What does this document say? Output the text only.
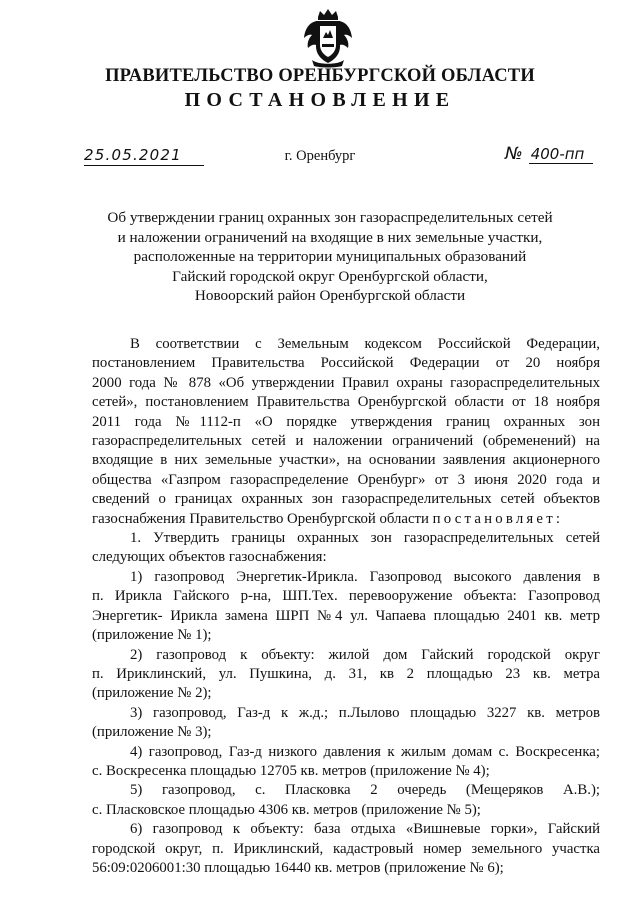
ПРАВИТЕЛЬСТВО ОРЕНБУРГСКОЙ ОБЛАСТИ
ПОСТАНОВЛЕНИЕ
25.05.2021	г. Оренбург	№ 400-пп
Об утверждении границ охранных зон газораспределительных сетей
и наложении ограничений на входящие в них земельные участки,
расположенные на территории муниципальных образований
Гайский городской округ Оренбургской области,
Новоорский район Оренбургской области
В соответствии с Земельным кодексом Российской Федерации,
постановлением Правительства Российской Федерации от 20 ноября
2000 года № 878 «Об утверждении Правил охраны газораспределительных
сетей», постановлением Правительства Оренбургской области от 18 ноября
2011 года №1112-п «О порядке утверждения границ охранных зон
газораспределительных сетей и наложении ограничений (обременений) на
входящие в них земельные участки», на основании заявления акционерного
общества «Газпром газораспределение Оренбург» от 3 июня 2020 года и
сведений о границах охранных зон газораспределительных сетей объектов
газоснабжения Правительство Оренбургской области постановляет:
1. Утвердить границы охранных зон газораспределительных сетей
следующих объектов газоснабжения:
1) газопровод Энергетик-Ирикла. Газопровод высокого давления в
п. Ирикла Гайского р-на, ШП.Тех. перевооружение объекта: Газопровод
Энергетик- Ирикла замена ШРП №4 ул. Чапаева площадью 2401 кв. метр
(приложение № 1);
2) газопровод к объекту: жилой дом Гайский городской округ
п. Ириклинский, ул. Пушкина, д. 31, кв 2 площадью 23 кв. метра
(приложение № 2);
3) газопровод, Газ-д к ж.д.; п.Лылово площадью 3227 кв. метров
(приложение № 3);
4) газопровод, Газ-д низкого давления к жилым домам с. Воскресенка;
с. Воскресенка площадью 12705 кв. метров (приложение № 4);
5) газопровод, с. Пласковка 2 очередь (Мещеряков А.В.);
с. Пласковское площадью 4306 кв. метров (приложение № 5);
6) газопровод к объекту: база отдыха «Вишневые горки», Гайский
городской округ, п. Ириклинский, кадастровый номер земельного участка
56:09:0206001:30 площадью 16440 кв. метров (приложение № 6);
